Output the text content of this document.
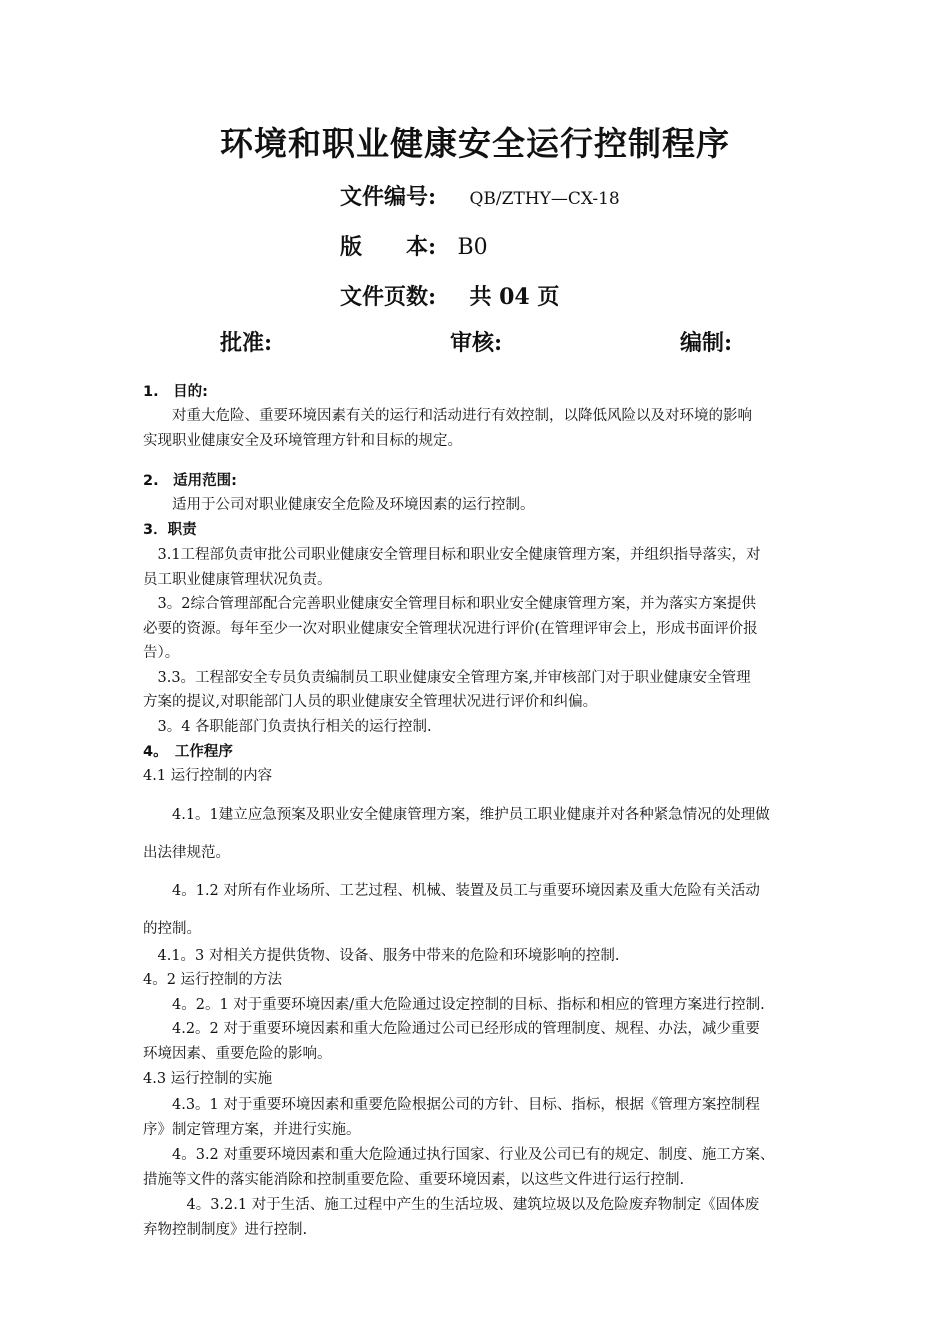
环境和职业健康安全运行控制程序
文件编号: QB/ZTHY—CX-18
版　　本: B0
文件页数: 共 04 页
批准:	审核:	编制:
1.　目的:
　　对重大危险、重要环境因素有关的运行和活动进行有效控制，以降低风险以及对环境的影响
实现职业健康安全及环境管理方针和目标的规定。
2.　适用范围:
　　适用于公司对职业健康安全危险及环境因素的运行控制。
3．职责
　3.1工程部负责审批公司职业健康安全管理目标和职业安全健康管理方案，并组织指导落实，对
员工职业健康管理状况负责。
　3。2综合管理部配合完善职业健康安全管理目标和职业安全健康管理方案，并为落实方案提供
必要的资源。每年至少一次对职业健康安全管理状况进行评价(在管理评审会上，形成书面评价报
告）。
　3.3。工程部安全专员负责编制员工职业健康安全管理方案,并审核部门对于职业健康安全管理
方案的提议,对职能部门人员的职业健康安全管理状况进行评价和纠偏。
　3。4 各职能部门负责执行相关的运行控制.
4。　工作程序
4.1 运行控制的内容
　　4.1。1建立应急预案及职业安全健康管理方案，维护员工职业健康并对各种紧急情况的处理做
出法律规范。
　　4。1.2 对所有作业场所、工艺过程、机械、装置及员工与重要环境因素及重大危险有关活动
的控制。
　4.1。3 对相关方提供货物、设备、服务中带来的危险和环境影响的控制.
4。2 运行控制的方法
　　4。2。1 对于重要环境因素/重大危险通过设定控制的目标、指标和相应的管理方案进行控制.
　　4.2。2 对于重要环境因素和重大危险通过公司已经形成的管理制度、规程、办法，减少重要
环境因素、重要危险的影响。
4.3 运行控制的实施
　　4.3。1 对于重要环境因素和重要危险根据公司的方针、目标、指标，根据《管理方案控制程
序》制定管理方案，并进行实施。
　　4。3.2 对重要环境因素和重大危险通过执行国家、行业及公司已有的规定、制度、施工方案、
措施等文件的落实能消除和控制重要危险、重要环境因素，以这些文件进行运行控制.
　　　4。3.2.1 对于生活、施工过程中产生的生活垃圾、建筑垃圾以及危险废弃物制定《固体废
弃物控制制度》进行控制.
